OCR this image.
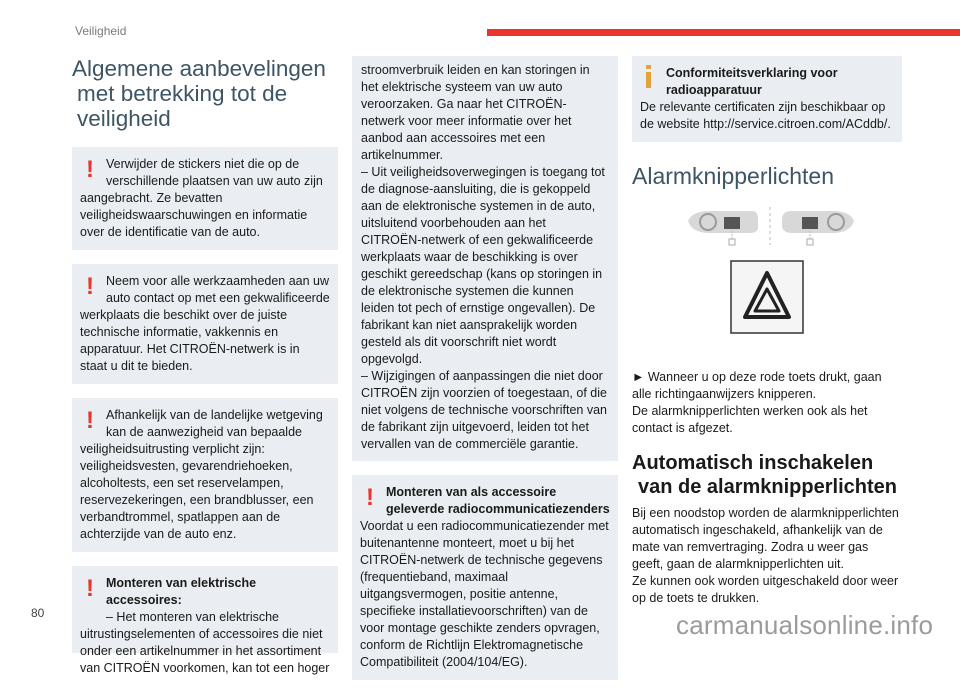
Veiligheid
Algemene aanbevelingen
met betrekking tot de
veiligheid
! Verwijder de stickers niet die op de verschillende plaatsen van uw auto zijn
aangebracht. Ze bevatten veiligheidswaarschuwingen en informatie over de identificatie van de auto.
! Neem voor alle werkzaamheden aan uw auto contact op met een gekwalificeerde
werkplaats die beschikt over de juiste technische informatie, vakkennis en apparatuur. Het CITROËN-netwerk is in staat u dit te bieden.
! Afhankelijk van de landelijke wetgeving kan de aanwezigheid van bepaalde
veiligheidsuitrusting verplicht zijn: veiligheidsvesten, gevarendriehoeken, alcoholtests, een set reservelampen, reservezekeringen, een brandblusser, een verbandtrommel, spatlappen aan de achterzijde van de auto enz.
! Monteren van elektrische accessoires:
– Het monteren van elektrische
uitrustingselementen of accessoires die niet onder een artikelnummer in het assortiment van CITROËN voorkomen, kan tot een hoger

stroomverbruik leiden en kan storingen in het elektrische systeem van uw auto veroorzaken. Ga naar het CITROËN-netwerk voor meer informatie over het aanbod aan accessoires met een artikelnummer.

– Uit veiligheidsoverwegingen is toegang tot de diagnose-aansluiting, die is gekoppeld aan de elektronische systemen in de auto, uitsluitend voorbehouden aan het CITROËN-netwerk of een gekwalificeerde werkplaats waar de beschikking is over geschikt gereedschap (kans op storingen in de elektronische systemen die kunnen leiden tot pech of ernstige ongevallen). De fabrikant kan niet aansprakelijk worden gesteld als dit voorschrift niet wordt opgevolgd.

– Wijzigingen of aanpassingen die niet door CITROËN zijn voorzien of toegestaan, of die niet volgens de technische voorschriften van de fabrikant zijn uitgevoerd, leiden tot het vervallen van de commerciële garantie.

! Monteren van als accessoire geleverde radiocommunicatiezenders
Voordat u een radiocommunicatiezender met buitenantenne monteert, moet u bij het CITROËN-netwerk de technische gegevens (frequentieband, maximaal uitgangsvermogen, positie antenne, specifieke installatievoorschriften) van de voor montage geschikte zenders opvragen, conform de Richtlijn Elektromagnetische Compatibiliteit (2004/104/EG).
Conformiteitsverklaring voor radioapparatuur
De relevante certificaten zijn beschikbaar op de website http://service.citroen.com/ACddb/.
Alarmknipperlichten

► Wanneer u op deze rode toets drukt, gaan alle richtingaanwijzers knipperen.

De alarmknipperlichten werken ook als het contact is afgezet.

Automatisch inschakelen
van de alarmknipperlichten

Bij een noodstop worden de alarmknipperlichten automatisch ingeschakeld, afhankelijk van de mate van remvertraging. Zodra u weer gas geeft, gaan de alarmknipperlichten uit.

Ze kunnen ook worden uitgeschakeld door weer op de toets te drukken.

80	carmanualsonline.info
